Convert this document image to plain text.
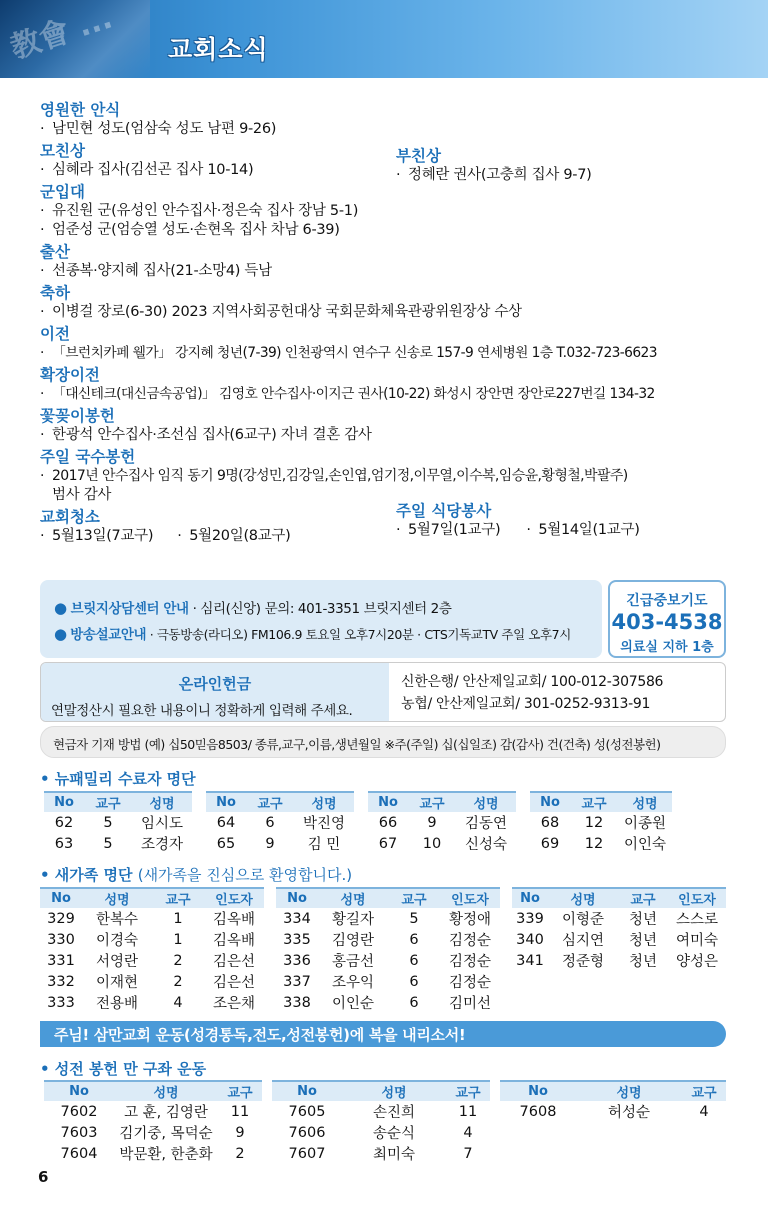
教會 ... 교회소식
영원한 안식
· 남민현 성도(엄삼숙 성도 남편 9-26)
모친상
· 심혜라 집사(김선곤 집사 10-14)
군입대
· 유진원 군(유성인 안수집사·정은숙 집사 장남 5-1)
· 엄준성 군(엄승열 성도·손현옥 집사 차남 6-39)
출산
· 선종복·양지혜 집사(21-소망4) 득남
축하
· 이병걸 장로(6-30) 2023 지역사회공헌대상 국회문화체육관광위원장상 수상
이전
· 「브런치카페 웰가」 강지혜 청년(7-39) 인천광역시 연수구 신송로 157-9 연세병원 1층 T.032-723-6623
확장이전
· 「대신테크(대신금속공업)」 김영호 안수집사·이지근 권사(10-22) 화성시 장안면 장안로227번길 134-32
꽃꽂이봉헌
· 한광석 안수집사·조선심 집사(6교구) 자녀 결혼 감사
주일 국수봉헌
· 2017년 안수집사 임직 동기 9명(강성민,김강일,손인엽,엄기정,이무열,이수복,임승윤,황형철,박팔주)
범사 감사
교회청소
· 5월13일(7교구) · 5월20일(8교구)
부친상
· 정혜란 권사(고충희 집사 9-7)
주일 식당봉사
· 5월7일(1교구) · 5월14일(1교구)
● 브릿지상담센터 안내 · 심리(신앙) 문의: 401-3351 브릿지센터 2층
● 방송설교안내 · 극동방송(라디오) FM106.9 토요일 오후7시20분 · CTS기독교TV 주일 오후7시
긴급중보기도
403-4538
의료실 지하 1층
온라인헌금
연말정산시 필요한 내용이니 정확하게 입력해 주세요.
신한은행/ 안산제일교회/ 100-012-307586
농협/ 안산제일교회/ 301-0252-9313-91
현금자 기재 방법 (예) 십50믿음8503/ 종류,교구,이름,생년월일 ※주(주일) 십(십일조) 감(감사) 건(건축) 성(성전봉헌)
• 뉴패밀리 수료자 명단
No	교구	성명
62	5	임시도
63	5	조경자
No	교구	성명
64	6	박진영
65	9	김 민
No	교구	성명
66	9	김동연
67	10	신성숙
No	교구	성명
68	12	이종원
69	12	이인숙
• 새가족 명단 (새가족을 진심으로 환영합니다.)
No	성명	교구	인도자
329	한복수	1	김옥배
330	이경숙	1	김옥배
331	서영란	2	김은선
332	이재현	2	김은선
333	전용배	4	조은채
No	성명	교구	인도자
334	황길자	5	황정애
335	김영란	6	김정순
336	홍금선	6	김정순
337	조우익	6	김정순
338	이인순	6	김미선
No	성명	교구	인도자
339	이형준	청년	스스로
340	심지연	청년	여미숙
341	정준형	청년	양성은
주님! 삼만교회 운동(성경통독,전도,성전봉헌)에 복을 내리소서!
• 성전 봉헌 만 구좌 운동
No	성명	교구
7602	고 훈, 김영란	11
7603	김기중, 목덕순	9
7604	박문환, 한춘화	2
No	성명	교구
7605	손진희	11
7606	송순식	4
7607	최미숙	7
No	성명	교구
7608	허성순	4
6
